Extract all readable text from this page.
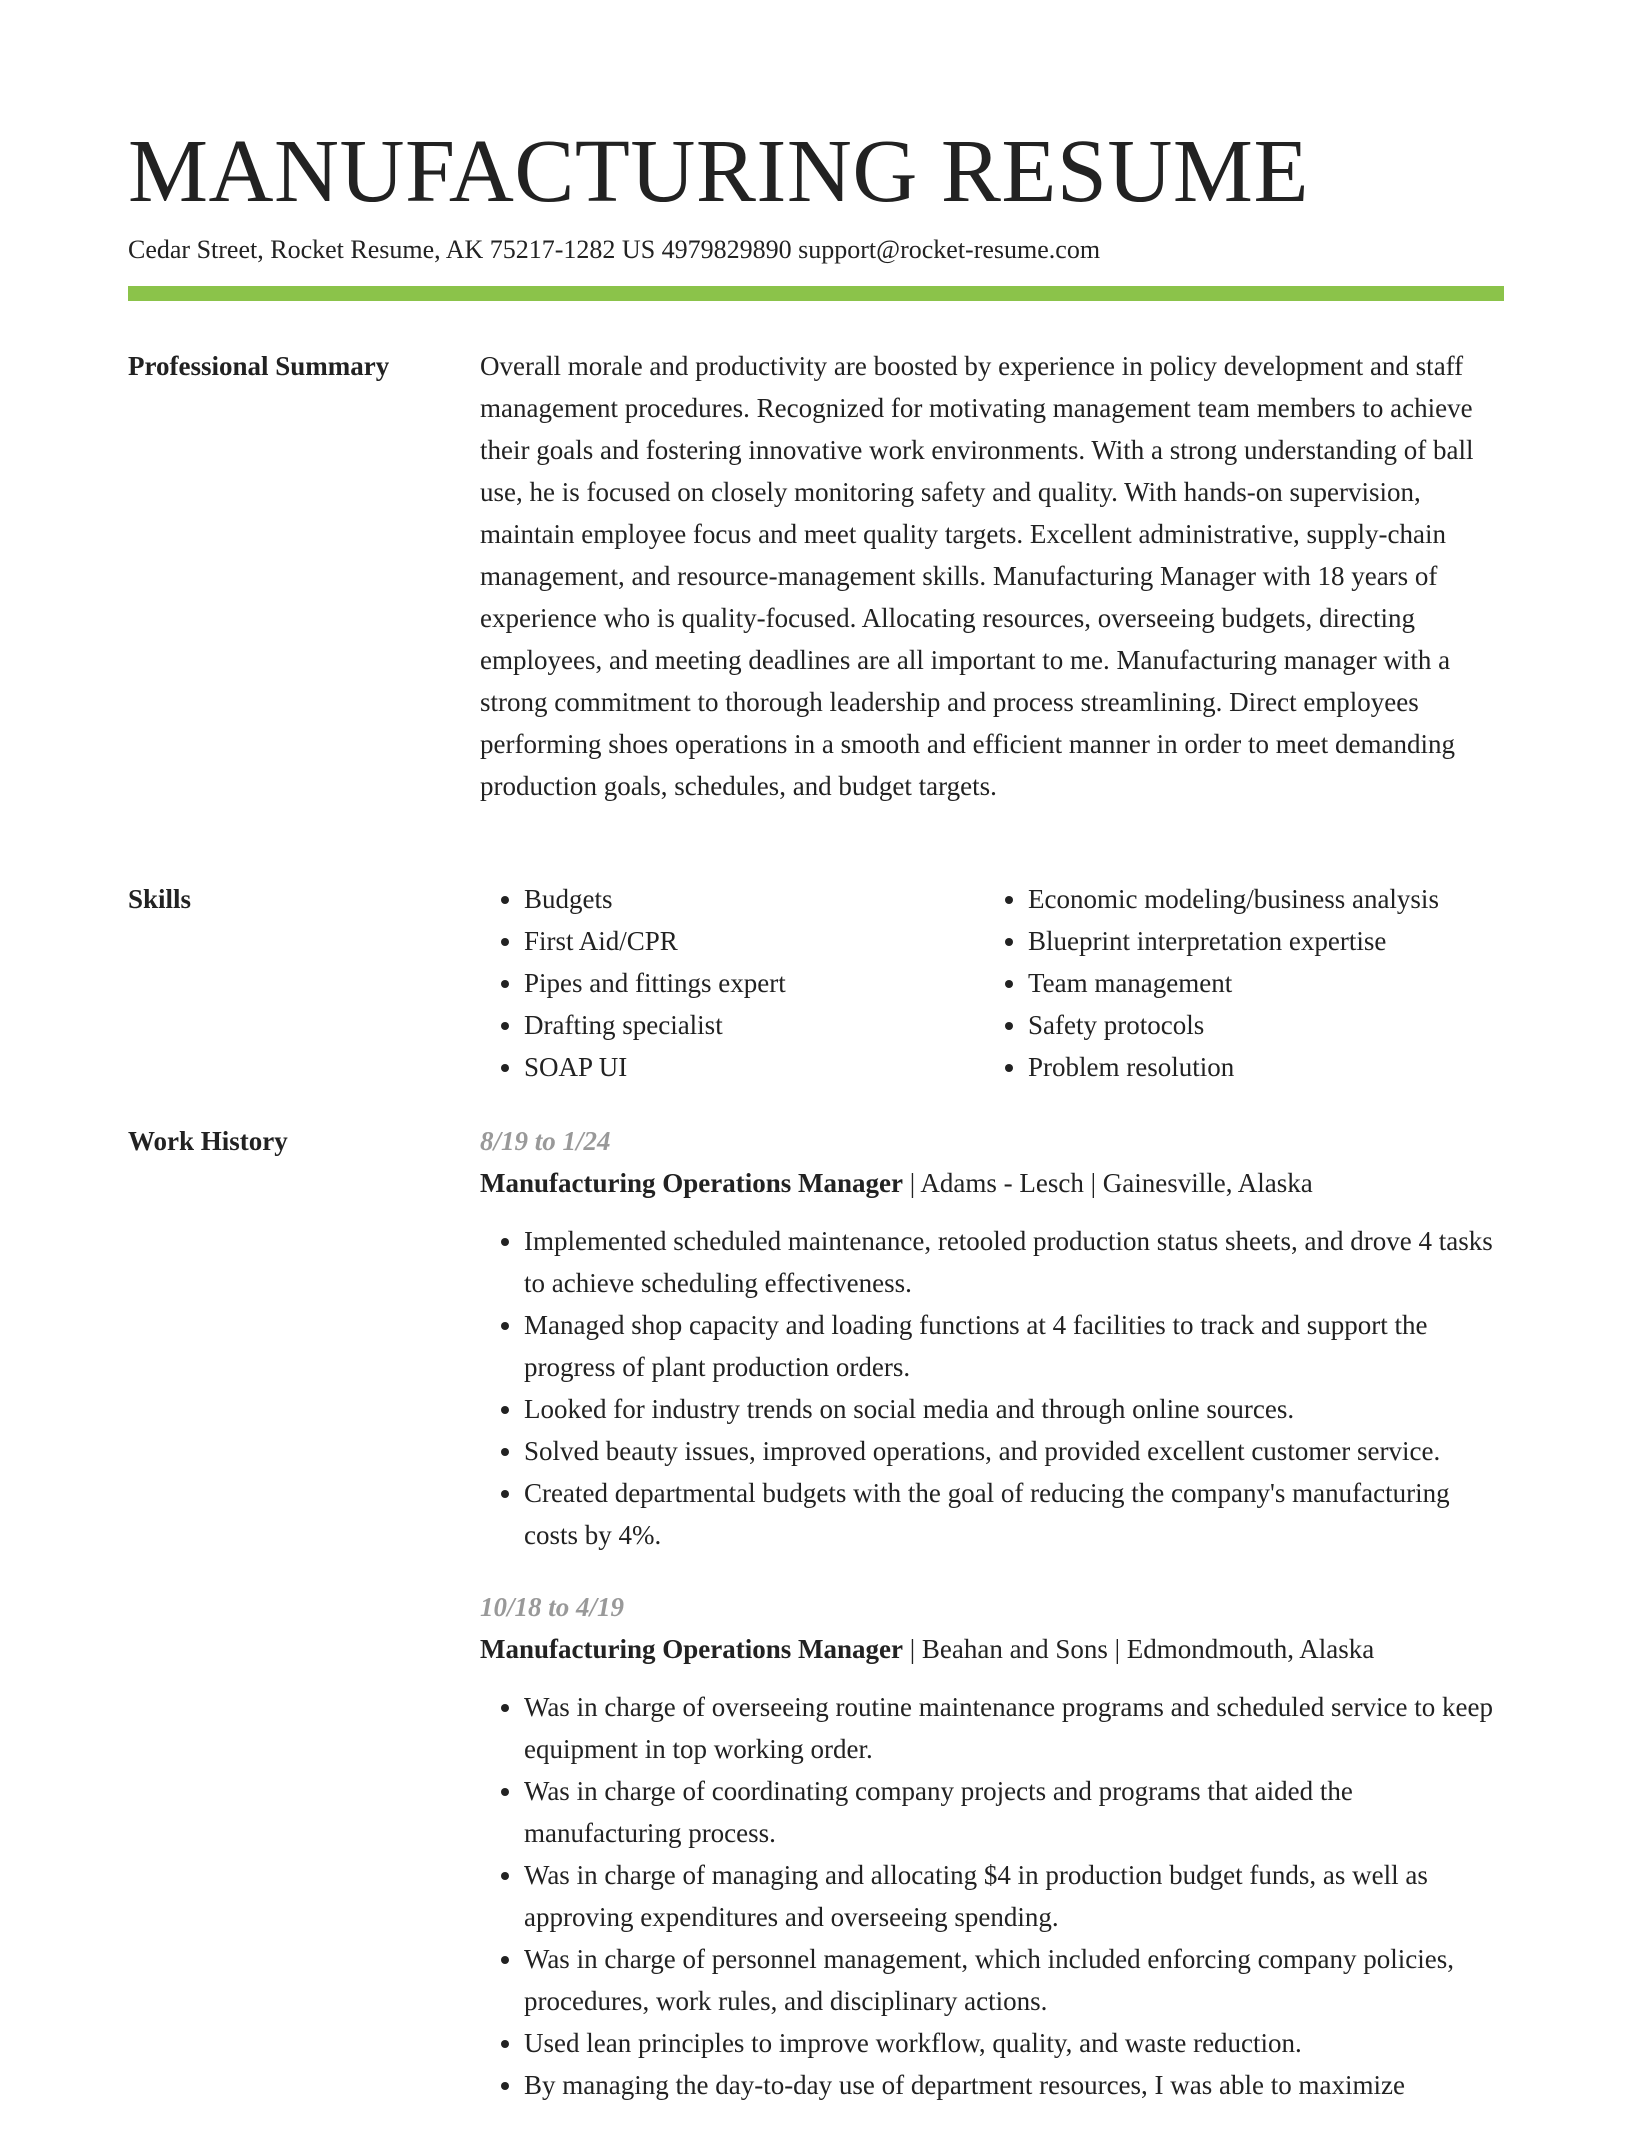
MANUFACTURING RESUME
Cedar Street, Rocket Resume, AK 75217-1282 US 4979829890 support@rocket-resume.com
Professional Summary	Overall morale and productivity are boosted by experience in policy development and staff management procedures. Recognized for motivating management team members to achieve their goals and fostering innovative work environments. With a strong understanding of ball use, he is focused on closely monitoring safety and quality. With hands-on supervision, maintain employee focus and meet quality targets. Excellent administrative, supply-chain management, and resource-management skills. Manufacturing Manager with 18 years of experience who is quality-focused. Allocating resources, overseeing budgets, directing employees, and meeting deadlines are all important to me. Manufacturing manager with a strong commitment to thorough leadership and process streamlining. Direct employees performing shoes operations in a smooth and efficient manner in order to meet demanding production goals, schedules, and budget targets.

Skills
•	Budgets
• First Aid/CPR
• Pipes and fittings expert
• Drafting specialist
• SOAP UI
• Economic modeling/business analysis
• Blueprint interpretation expertise
• Team management
• Safety protocols
• Problem resolution
Work History	8/19 to 1/24
Manufacturing Operations Manager | Adams - Lesch | Gainesville, Alaska
• Implemented scheduled maintenance, retooled production status sheets, and drove 4 tasks to achieve scheduling effectiveness.
• Managed shop capacity and loading functions at 4 facilities to track and support the progress of plant production orders.
• Looked for industry trends on social media and through online sources.
• Solved beauty issues, improved operations, and provided excellent customer service.
• Created departmental budgets with the goal of reducing the company's manufacturing costs by 4%.
10/18 to 4/19
Manufacturing Operations Manager | Beahan and Sons | Edmondmouth, Alaska
• Was in charge of overseeing routine maintenance programs and scheduled service to keep equipment in top working order.
• Was in charge of coordinating company projects and programs that aided the manufacturing process.
• Was in charge of managing and allocating $4 in production budget funds, as well as approving expenditures and overseeing spending.
• Was in charge of personnel management, which included enforcing company policies, procedures, work rules, and disciplinary actions.
• Used lean principles to improve workflow, quality, and waste reduction.
• By managing the day-to-day use of department resources, I was able to maximize
